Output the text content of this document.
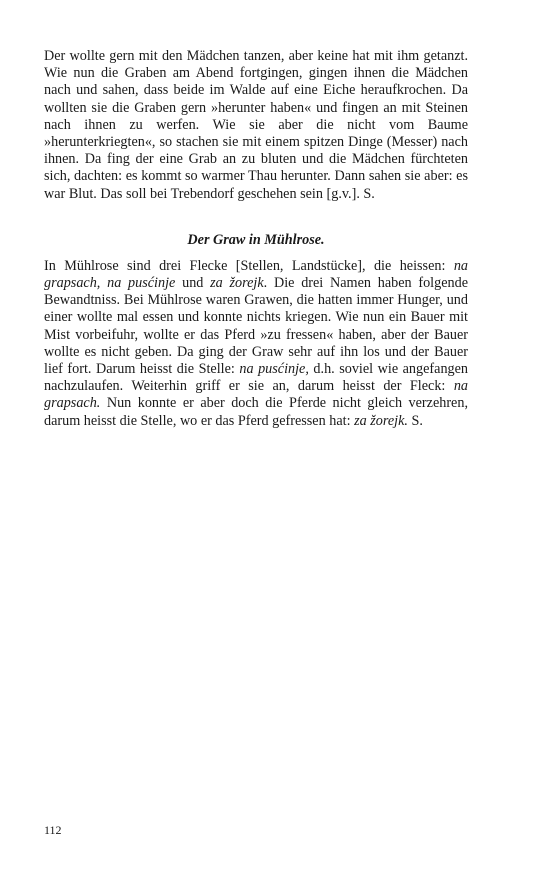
Der wollte gern mit den Mädchen tanzen, aber keine hat mit ihm getanzt. Wie nun die Graben am Abend fortgingen, gingen ihnen die Mädchen nach und sahen, dass beide im Walde auf eine Eiche heraufkrochen. Da wollten sie die Graben gern »herunter haben« und fingen an mit Steinen nach ihnen zu werfen. Wie sie aber die nicht vom Baume »herunterkriegten«, so stachen sie mit einem spitzen Dinge (Messer) nach ihnen. Da fing der eine Grab an zu bluten und die Mädchen fürchteten sich, dachten: es kommt so warmer Thau herunter. Dann sahen sie aber: es war Blut. Das soll bei Trebendorf geschehen sein [g.v.]. S.

Der Graw in Mühlrose.

In Mühlrose sind drei Flecke [Stellen, Landstücke], die heissen: na grapsach, na pusćinje und za žorejk. Die drei Namen haben folgende Bewandtniss. Bei Mühlrose waren Grawen, die hatten immer Hunger, und einer wollte mal essen und konnte nichts kriegen. Wie nun ein Bauer mit Mist vorbeifuhr, wollte er das Pferd »zu fressen« haben, aber der Bauer wollte es nicht geben. Da ging der Graw sehr auf ihn los und der Bauer lief fort. Darum heisst die Stelle: na pusćinje, d.h. soviel wie angefangen nachzulaufen. Weiterhin griff er sie an, darum heisst der Fleck: na grapsach. Nun konnte er aber doch die Pferde nicht gleich verzehren, darum heisst die Stelle, wo er das Pferd gefressen hat: za žorejk. S.

112
